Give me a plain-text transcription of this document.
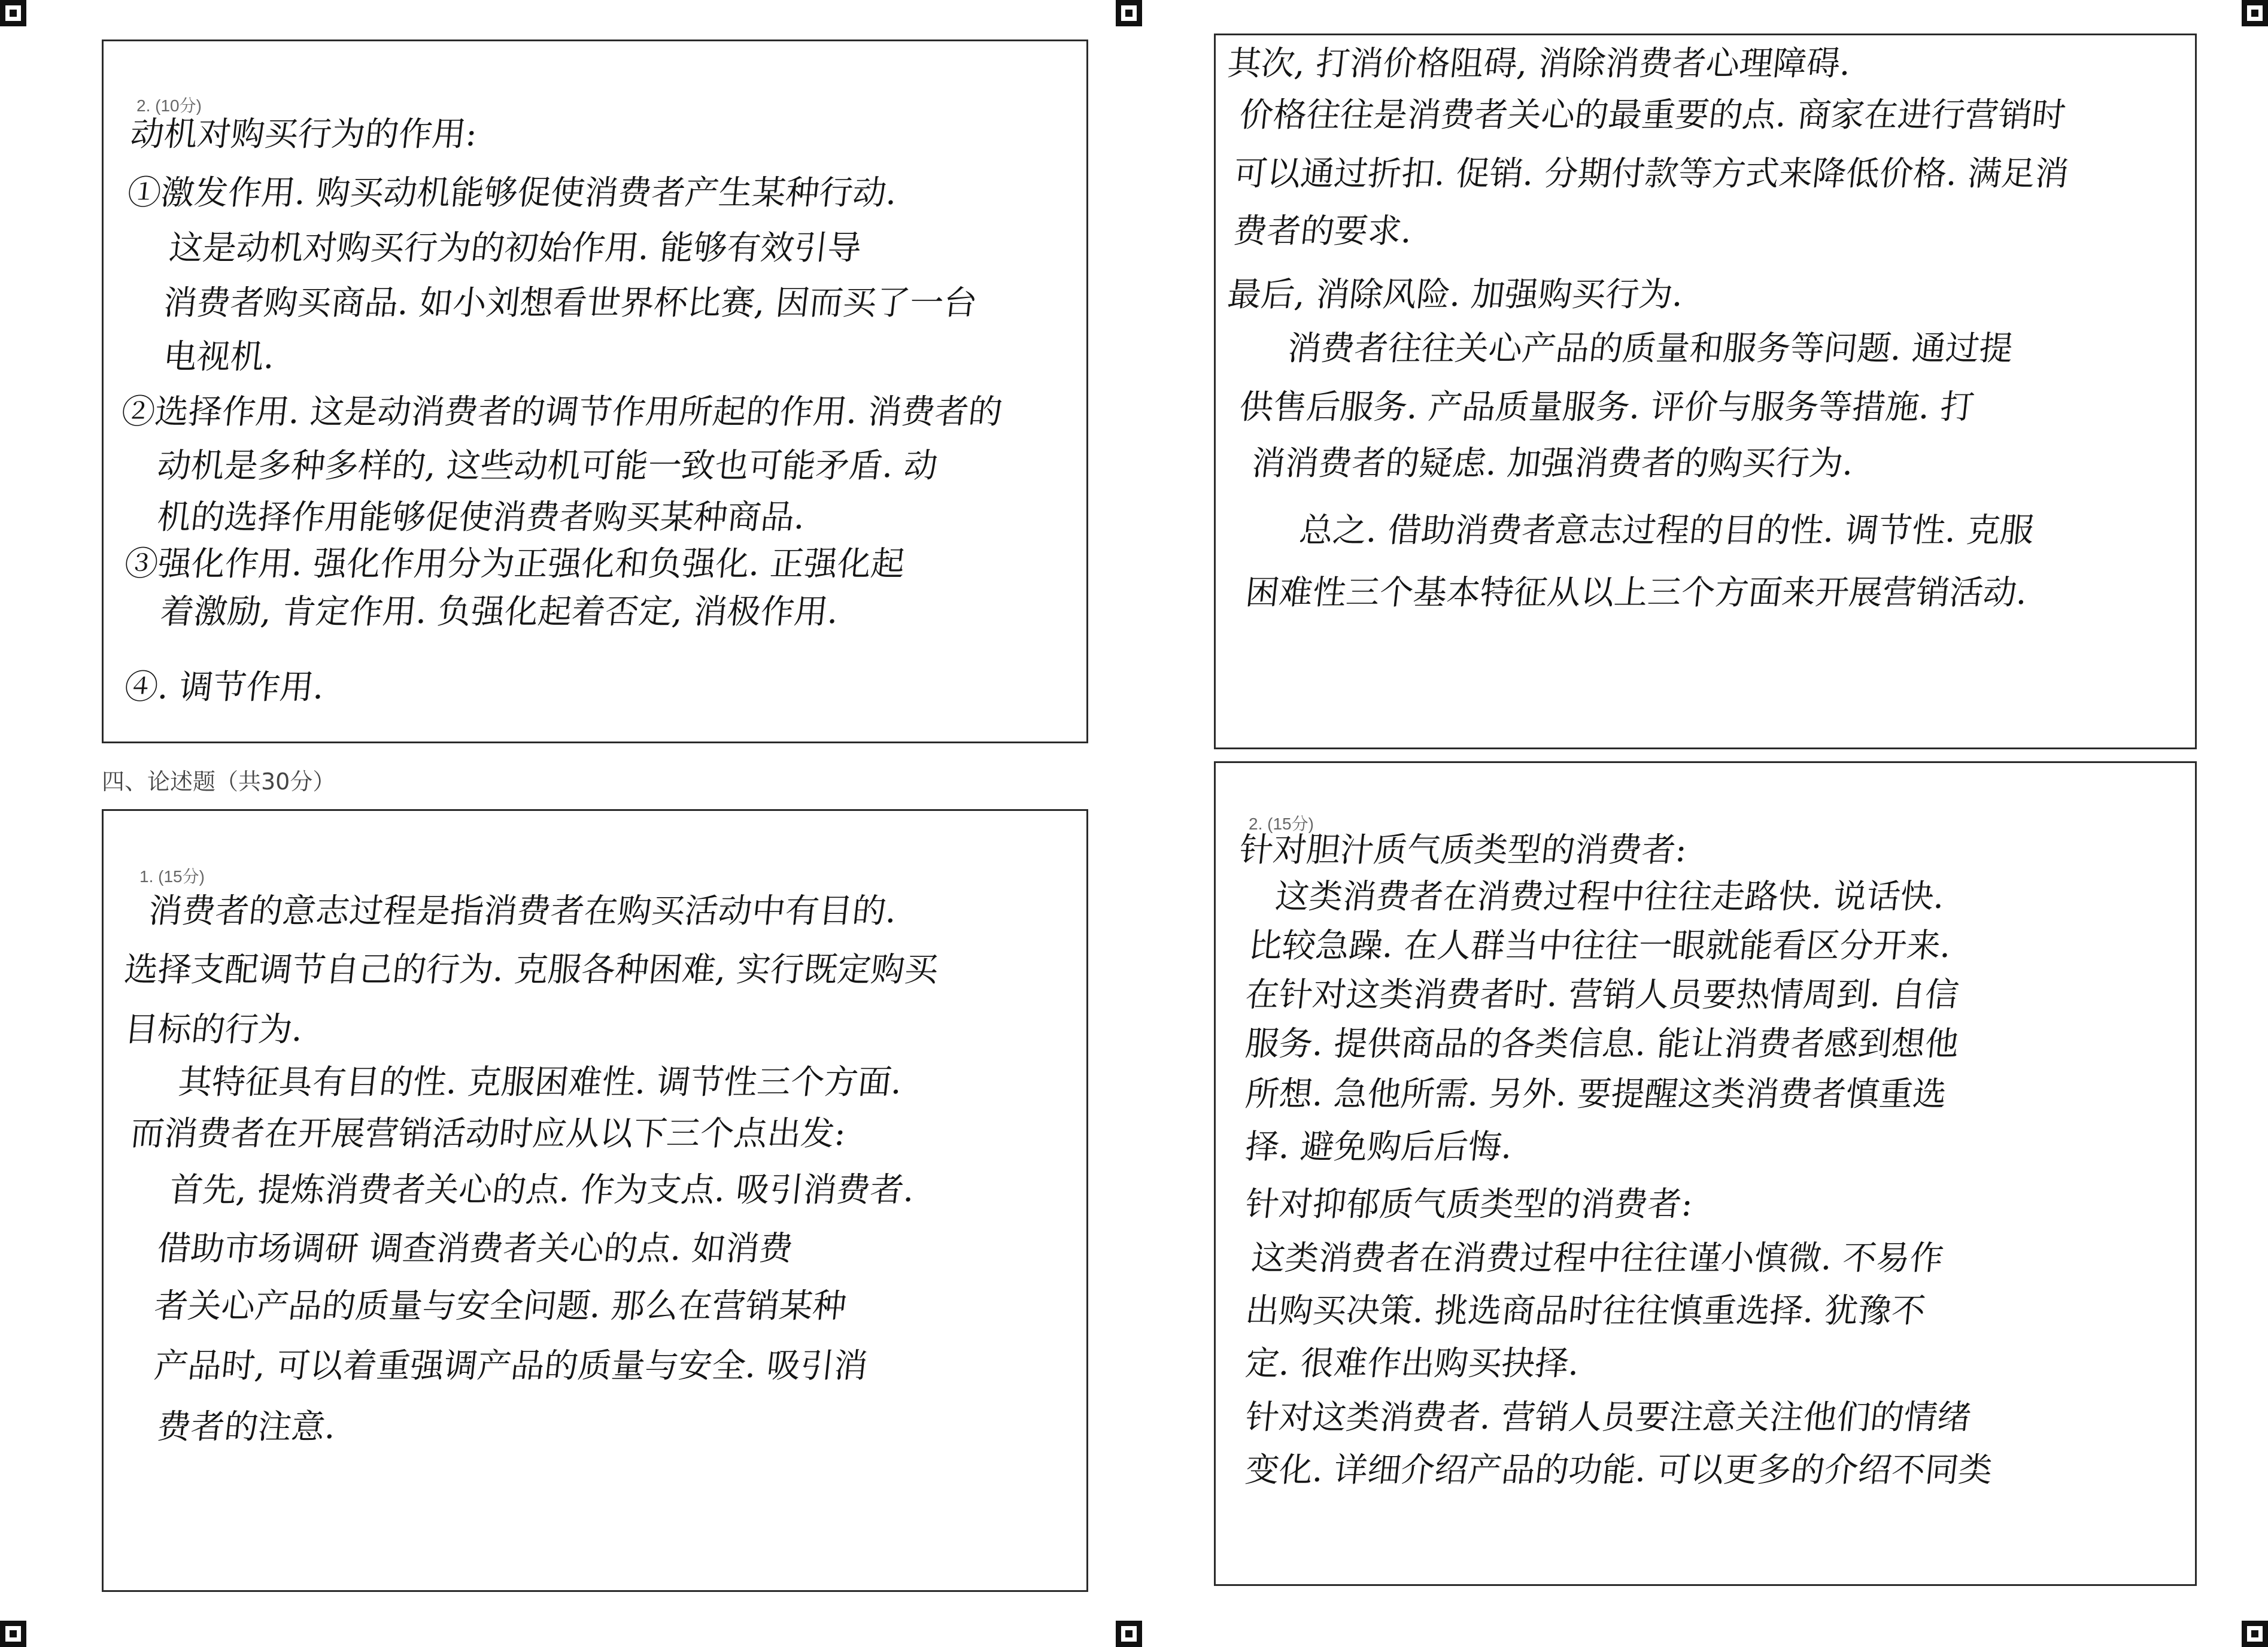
四、论述题（共30分）
2. (10分)
动机对购买行为的作用:
①激发作用. 购买动机能够促使消费者产生某种行动.
这是动机对购买行为的初始作用. 能够有效引导
消费者购买商品. 如小刘想看世界杯比赛, 因而买了一台
电视机.
②选择作用. 这是动消费者的调节作用所起的作用. 消费者的
动机是多种多样的, 这些动机可能一致也可能矛盾. 动
机的选择作用能够促使消费者购买某种商品.
③强化作用. 强化作用分为正强化和负强化. 正强化起
着激励, 肯定作用. 负强化起着否定, 消极作用.
④. 调节作用.
其次, 打消价格阻碍, 消除消费者心理障碍.
价格往往是消费者关心的最重要的点. 商家在进行营销时
可以通过折扣. 促销. 分期付款等方式来降低价格. 满足消
费者的要求.
最后, 消除风险. 加强购买行为.
消费者往往关心产品的质量和服务等问题. 通过提
供售后服务. 产品质量服务. 评价与服务等措施. 打
消消费者的疑虑. 加强消费者的购买行为.
总之. 借助消费者意志过程的目的性. 调节性. 克服
困难性三个基本特征从以上三个方面来开展营销活动.
1. (15分)
消费者的意志过程是指消费者在购买活动中有目的.
选择支配调节自己的行为. 克服各种困难, 实行既定购买
目标的行为.
其特征具有目的性. 克服困难性. 调节性三个方面.
而消费者在开展营销活动时应从以下三个点出发:
首先, 提炼消费者关心的点. 作为支点. 吸引消费者.
借助市场调研 调查消费者关心的点. 如消费
者关心产品的质量与安全问题. 那么在营销某种
产品时, 可以着重强调产品的质量与安全. 吸引消
费者的注意.
2. (15分)
针对胆汁质气质类型的消费者:
这类消费者在消费过程中往往走路快. 说话快.
比较急躁. 在人群当中往往一眼就能看区分开来.
在针对这类消费者时. 营销人员要热情周到. 自信
服务. 提供商品的各类信息. 能让消费者感到想他
所想. 急他所需. 另外. 要提醒这类消费者慎重选
择. 避免购后后悔.
针对抑郁质气质类型的消费者:
这类消费者在消费过程中往往谨小慎微. 不易作
出购买决策. 挑选商品时往往慎重选择. 犹豫不
定. 很难作出购买抉择.
针对这类消费者. 营销人员要注意关注他们的情绪
变化. 详细介绍产品的功能. 可以更多的介绍不同类
